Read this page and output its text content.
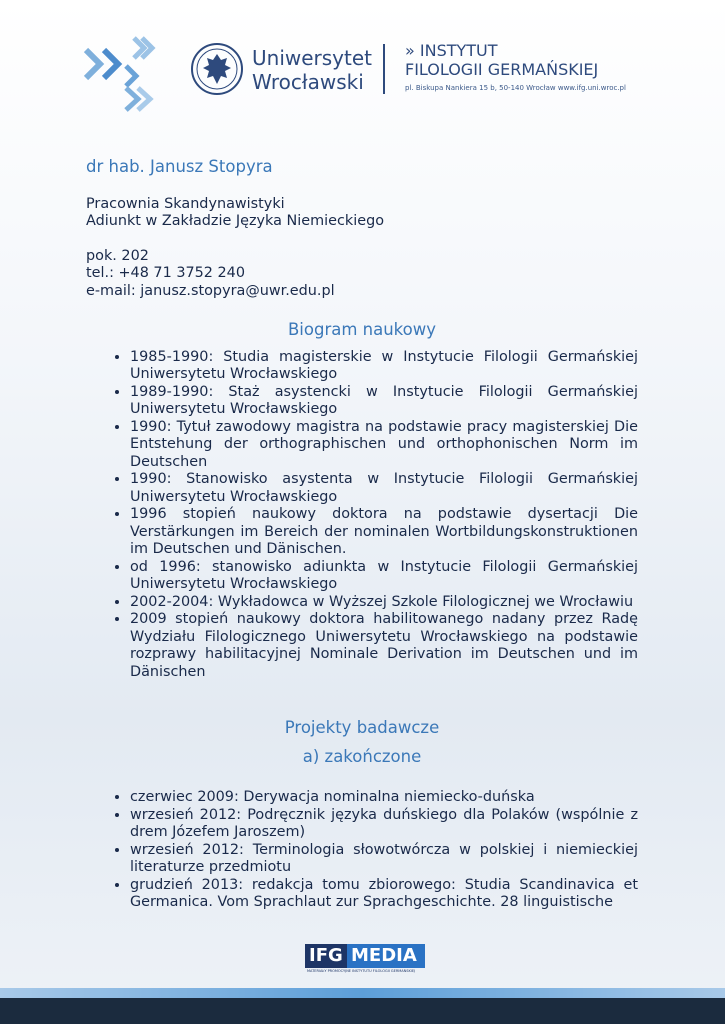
Uniwersytet
Wrocławski
» INSTYTUT
FILOLOGII GERMAŃSKIEJ
pl. Biskupa Nankiera 15 b, 50-140 Wrocław www.ifg.uni.wroc.pl
dr hab. Janusz Stopyra
Pracownia Skandynawistyki
Adiunkt w Zakładzie Języka Niemieckiego
pok. 202
tel.: +48 71 3752 240
e-mail: janusz.stopyra@uwr.edu.pl
Biogram naukowy
• 1985-1990: Studia magisterskie w Instytucie Filologii Germańskiej Uniwersytetu Wrocławskiego
• 1989-1990: Staż asystencki w Instytucie Filologii Germańskiej Uniwersytetu Wrocławskiego
• 1990: Tytuł zawodowy magistra na podstawie pracy magisterskiej Die Entstehung der orthographischen und orthophonischen Norm im Deutschen
• 1990: Stanowisko asystenta w Instytucie Filologii Germańskiej Uniwersytetu Wrocławskiego
• 1996 stopień naukowy doktora na podstawie dysertacji Die Verstärkungen im Bereich der nominalen Wortbildungskonstruktionen im Deutschen und Dänischen.
• od 1996: stanowisko adiunkta w Instytucie Filologii Germańskiej Uniwersytetu Wrocławskiego
• 2002-2004: Wykładowca w Wyższej Szkole Filologicznej we Wrocławiu
• 2009 stopień naukowy doktora habilitowanego nadany przez Radę Wydziału Filologicznego Uniwersytetu Wrocławskiego na podstawie rozprawy habilitacyjnej Nominale Derivation im Deutschen und im Dänischen
Projekty badawcze
a) zakończone
• czerwiec 2009: Derywacja nominalna niemiecko-duńska
• wrzesień 2012: Podręcznik języka duńskiego dla Polaków (wspólnie z drem Józefem Jaroszem)
• wrzesień 2012: Terminologia słowotwórcza w polskiej i niemieckiej literaturze przedmiotu
• grudzień 2013: redakcja tomu zbiorowego: Studia Scandinavica et Germanica. Vom Sprachlaut zur Sprachgeschichte. 28 linguistische
IFG MEDIA
MATERIAŁY PROMOCYJNE INSTYTUTU FILOLOGII GERMAŃSKIEJ
